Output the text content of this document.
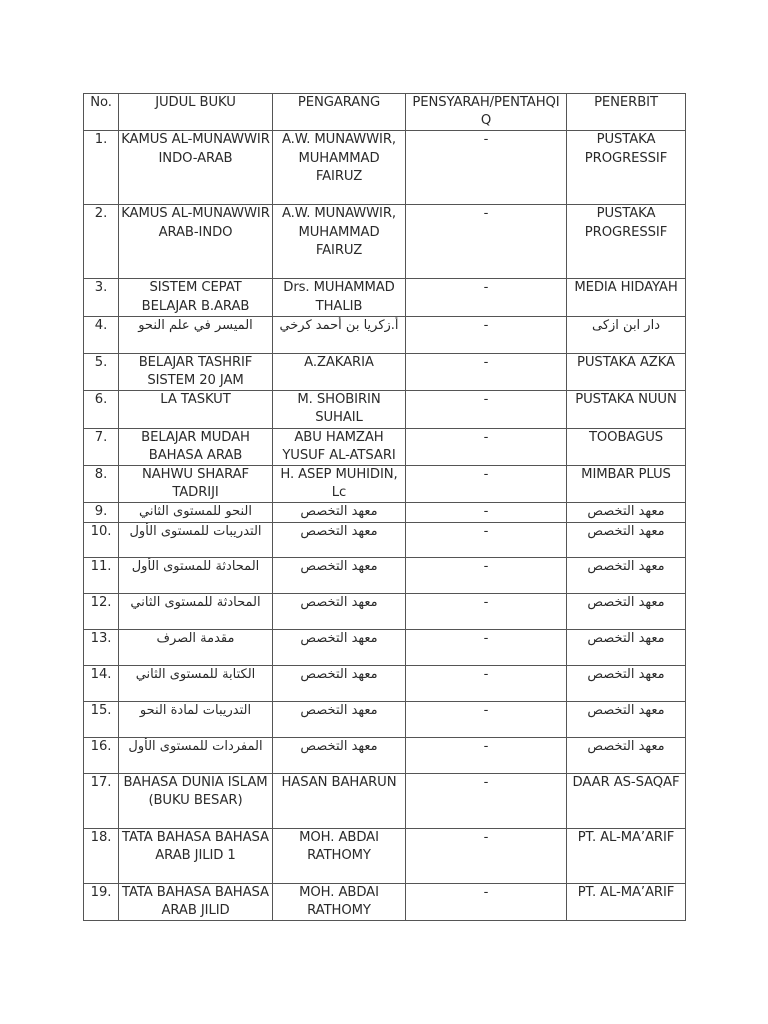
No.	JUDUL BUKU	PENGARANG	PENSYARAH/PENTAHQIQ	PENERBIT
1.	KAMUS AL-MUNAWWIR INDO-ARAB	A.W. MUNAWWIR, MUHAMMAD FAIRUZ	-	PUSTAKA PROGRESSIF
2.	KAMUS AL-MUNAWWIR ARAB-INDO	A.W. MUNAWWIR, MUHAMMAD FAIRUZ	-	PUSTAKA PROGRESSIF
3.	SISTEM CEPAT BELAJAR B.ARAB	Drs. MUHAMMAD THALIB	-	MEDIA HIDAYAH
4.	الميسر في علم النحو	أ.زكريا بن أحمد كرخي	-	دار ابن ازكى
5.	BELAJAR TASHRIF SISTEM 20 JAM	A.ZAKARIA	-	PUSTAKA AZKA
6.	LA TASKUT	M. SHOBIRIN SUHAIL	-	PUSTAKA NUUN
7.	BELAJAR MUDAH BAHASA ARAB	ABU HAMZAH YUSUF AL-ATSARI	-	TOOBAGUS
8.	NAHWU SHARAF TADRIJI	H. ASEP MUHIDIN, Lc	-	MIMBAR PLUS
9.	النحو للمستوى الثاني	معهد التخصص	-	معهد التخصص
10.	التدريبات للمستوى الأول	معهد التخصص	-	معهد التخصص
11.	المحادثة للمستوى الأول	معهد التخصص	-	معهد التخصص
12.	المحادثة للمستوى الثاني	معهد التخصص	-	معهد التخصص
13.	مقدمة الصرف	معهد التخصص	-	معهد التخصص
14.	الكتابة للمستوى الثاني	معهد التخصص	-	معهد التخصص
15.	التدريبات لمادة النحو	معهد التخصص	-	معهد التخصص
16.	المفردات للمستوى الأول	معهد التخصص	-	معهد التخصص
17.	BAHASA DUNIA ISLAM (BUKU BESAR)	HASAN BAHARUN	-	DAAR AS-SAQAF
18.	TATA BAHASA BAHASA ARAB JILID 1	MOH. ABDAI RATHOMY	-	PT. AL-MA’ARIF
19.	TATA BAHASA BAHASA ARAB JILID	MOH. ABDAI RATHOMY	-	PT. AL-MA’ARIF
